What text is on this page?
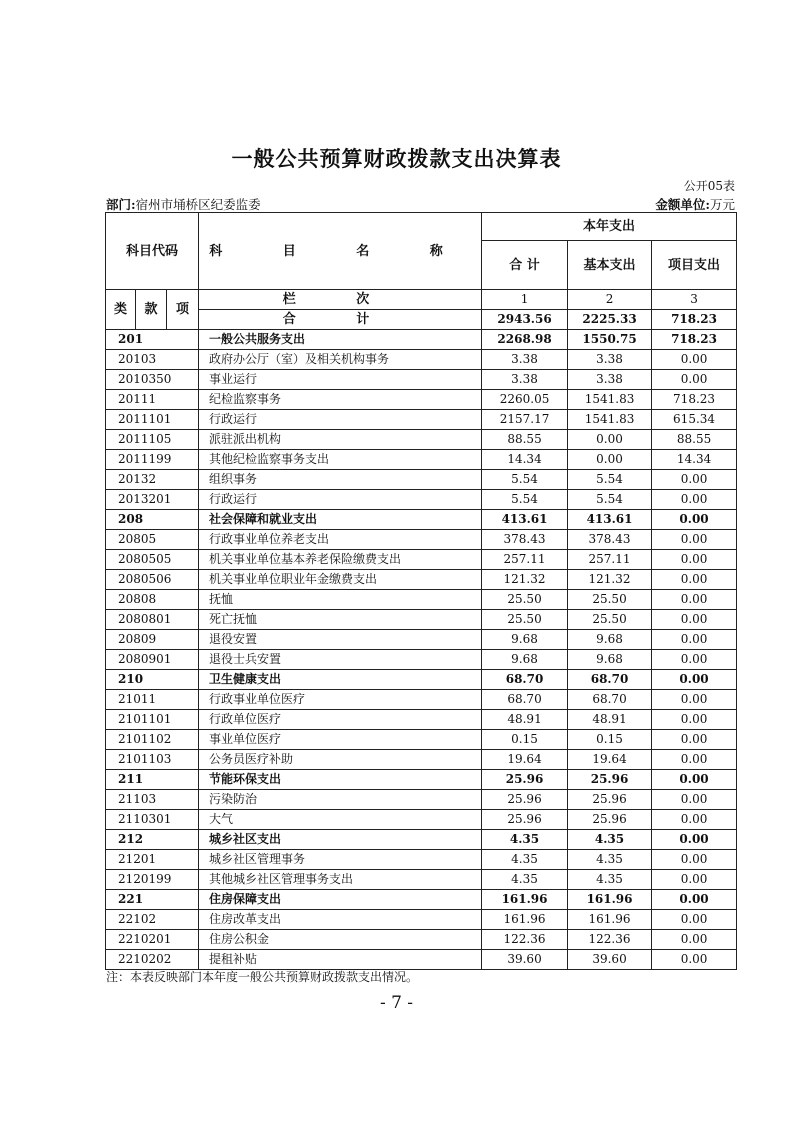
一般公共预算财政拨款支出决算表
公开05表
部门:宿州市埇桥区纪委监委	金额单位:万元
科目代码			科 目 名 称	本年支出		
				合 计	基本支出	项目支出
类	款	项	栏 次	1	2	3
			合 计	2943.56	2225.33	718.23
201			一般公共服务支出	2268.98	1550.75	718.23
20103			政府办公厅（室）及相关机构事务	3.38	3.38	0.00
2010350			事业运行	3.38	3.38	0.00
20111			纪检监察事务	2260.05	1541.83	718.23
2011101			行政运行	2157.17	1541.83	615.34
2011105			派驻派出机构	88.55	0.00	88.55
2011199			其他纪检监察事务支出	14.34	0.00	14.34
20132			组织事务	5.54	5.54	0.00
2013201			行政运行	5.54	5.54	0.00
208			社会保障和就业支出	413.61	413.61	0.00
20805			行政事业单位养老支出	378.43	378.43	0.00
2080505			机关事业单位基本养老保险缴费支出	257.11	257.11	0.00
2080506			机关事业单位职业年金缴费支出	121.32	121.32	0.00
20808			抚恤	25.50	25.50	0.00
2080801			死亡抚恤	25.50	25.50	0.00
20809			退役安置	9.68	9.68	0.00
2080901			退役士兵安置	9.68	9.68	0.00
210			卫生健康支出	68.70	68.70	0.00
21011			行政事业单位医疗	68.70	68.70	0.00
2101101			行政单位医疗	48.91	48.91	0.00
2101102			事业单位医疗	0.15	0.15	0.00
2101103			公务员医疗补助	19.64	19.64	0.00
211			节能环保支出	25.96	25.96	0.00
21103			污染防治	25.96	25.96	0.00
2110301			大气	25.96	25.96	0.00
212			城乡社区支出	4.35	4.35	0.00
21201			城乡社区管理事务	4.35	4.35	0.00
2120199			其他城乡社区管理事务支出	4.35	4.35	0.00
221			住房保障支出	161.96	161.96	0.00
22102			住房改革支出	161.96	161.96	0.00
2210201			住房公积金	122.36	122.36	0.00
2210202			提租补贴	39.60	39.60	0.00
注：本表反映部门本年度一般公共预算财政拨款支出情况。
- 7 -
